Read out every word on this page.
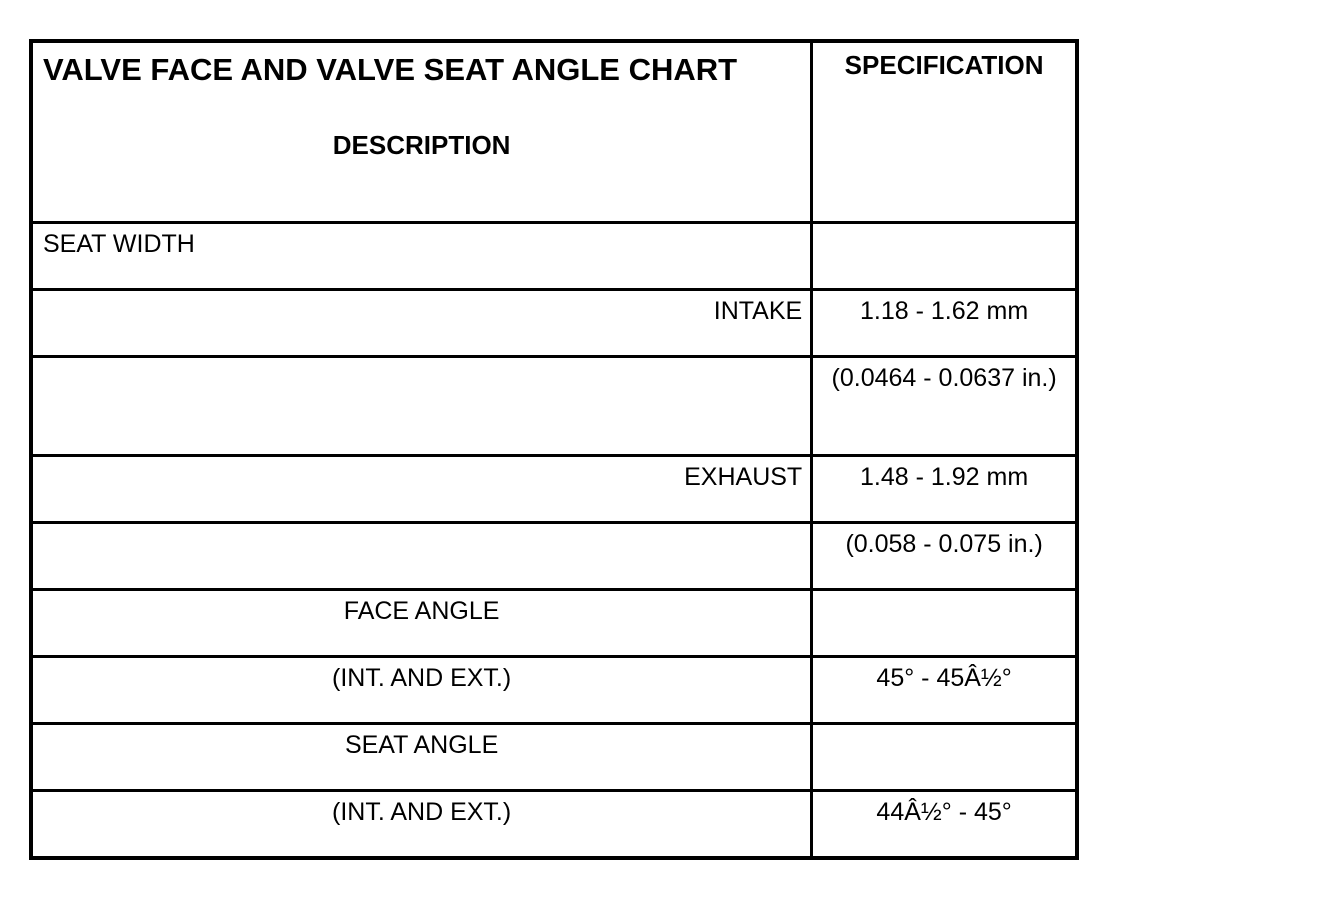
VALVE FACE AND VALVE SEAT ANGLE CHART
DESCRIPTION	SPECIFICATION

SEAT WIDTH	

INTAKE	1.18 - 1.62 mm

	(0.0464 - 0.0637 in.)

EXHAUST	1.48 - 1.92 mm

	(0.058 - 0.075 in.)

FACE ANGLE	

(INT. AND EXT.)	45° - 45Â½°

SEAT ANGLE	

(INT. AND EXT.)	44Â½° - 45°
